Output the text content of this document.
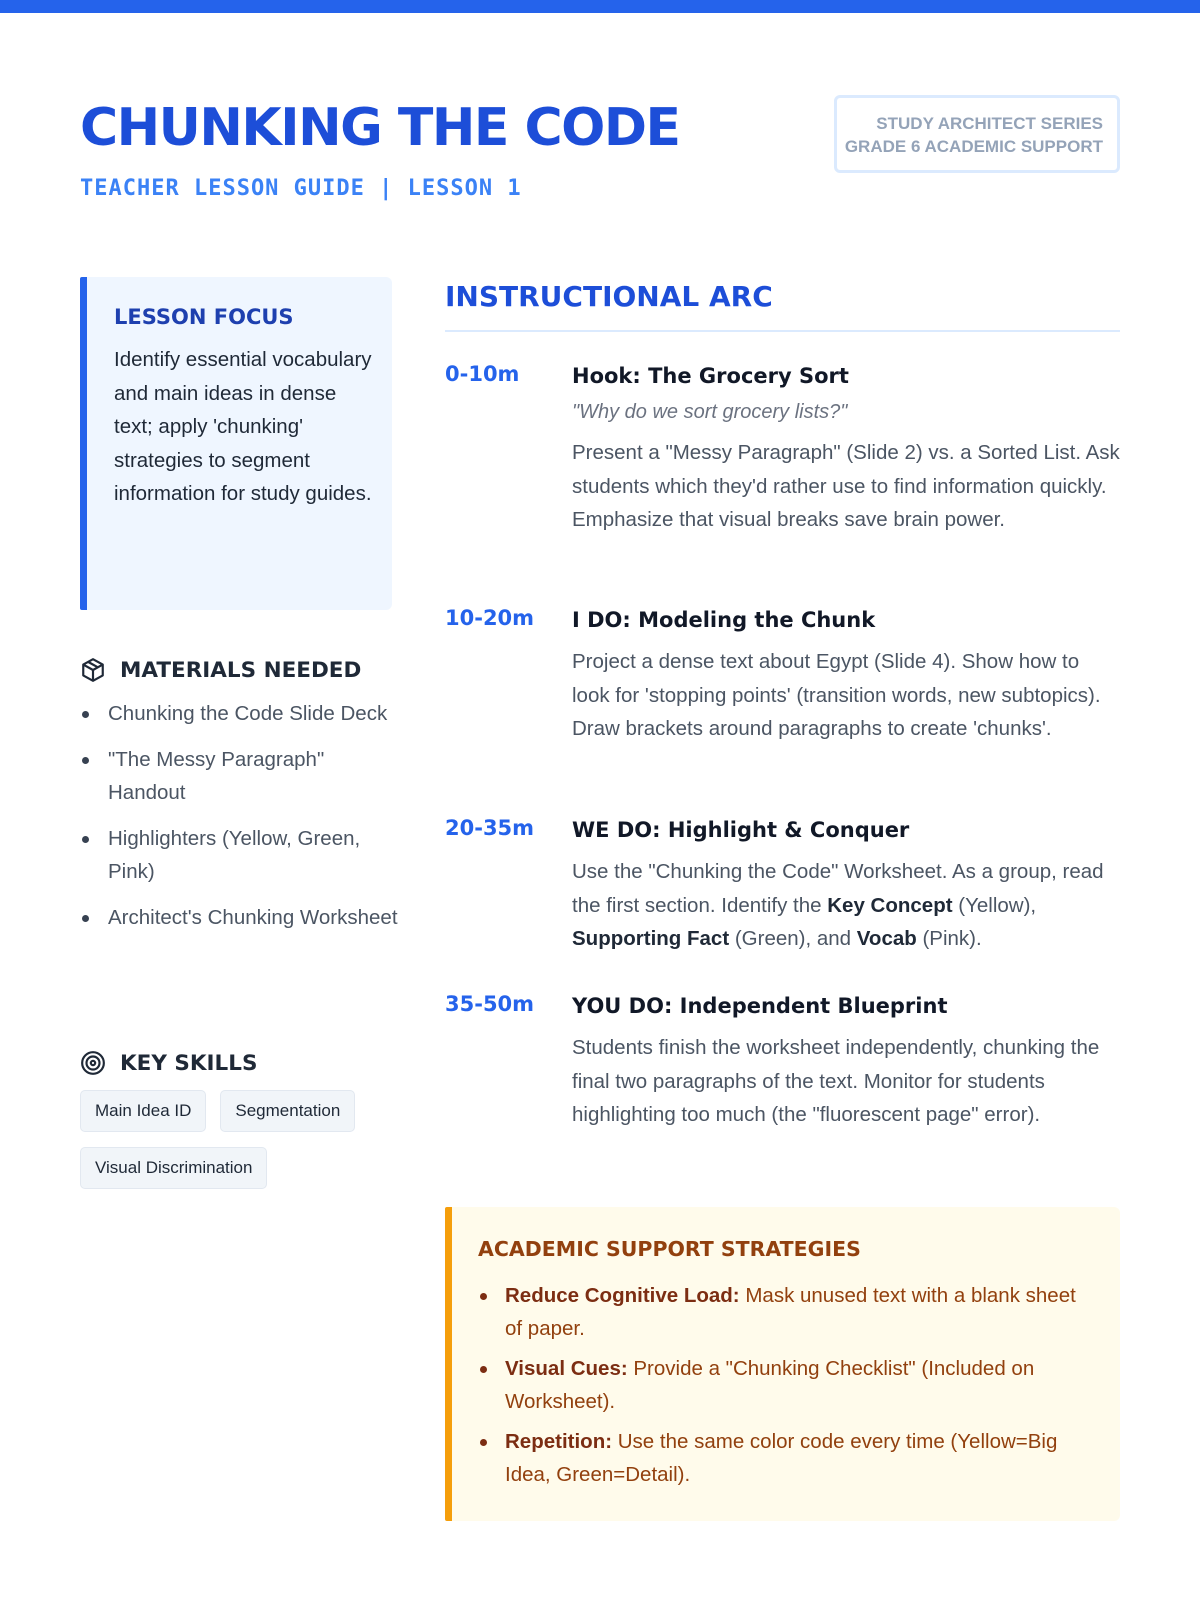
CHUNKING THE CODE
TEACHER LESSON GUIDE | LESSON 1
STUDY ARCHITECT SERIES
GRADE 6 ACADEMIC SUPPORT
LESSON FOCUS
Identify essential vocabulary and main ideas in dense text; apply 'chunking' strategies to segment information for study guides.
MATERIALS NEEDED
Chunking the Code Slide Deck
"The Messy Paragraph" Handout
Highlighters (Yellow, Green, Pink)
Architect's Chunking Worksheet
KEY SKILLS
Main Idea ID	Segmentation
Visual Discrimination
INSTRUCTIONAL ARC
0-10m	Hook: The Grocery Sort
"Why do we sort grocery lists?"
Present a "Messy Paragraph" (Slide 2) vs. a Sorted List. Ask students which they'd rather use to find information quickly. Emphasize that visual breaks save brain power.
10-20m I DO: Modeling the Chunk
Project a dense text about Egypt (Slide 4). Show how to look for 'stopping points' (transition words, new subtopics). Draw brackets around paragraphs to create 'chunks'.
20-35m WE DO: Highlight & Conquer
Use the "Chunking the Code" Worksheet. As a group, read the first section. Identify the Key Concept (Yellow), Supporting Fact (Green), and Vocab (Pink).
35-50m YOU DO: Independent Blueprint
Students finish the worksheet independently, chunking the final two paragraphs of the text. Monitor for students highlighting too much (the "fluorescent page" error).
ACADEMIC SUPPORT STRATEGIES
Reduce Cognitive Load: Mask unused text with a blank sheet of paper.
Visual Cues: Provide a "Chunking Checklist" (Included on Worksheet).
Repetition: Use the same color code every time (Yellow=Big Idea, Green=Detail).
